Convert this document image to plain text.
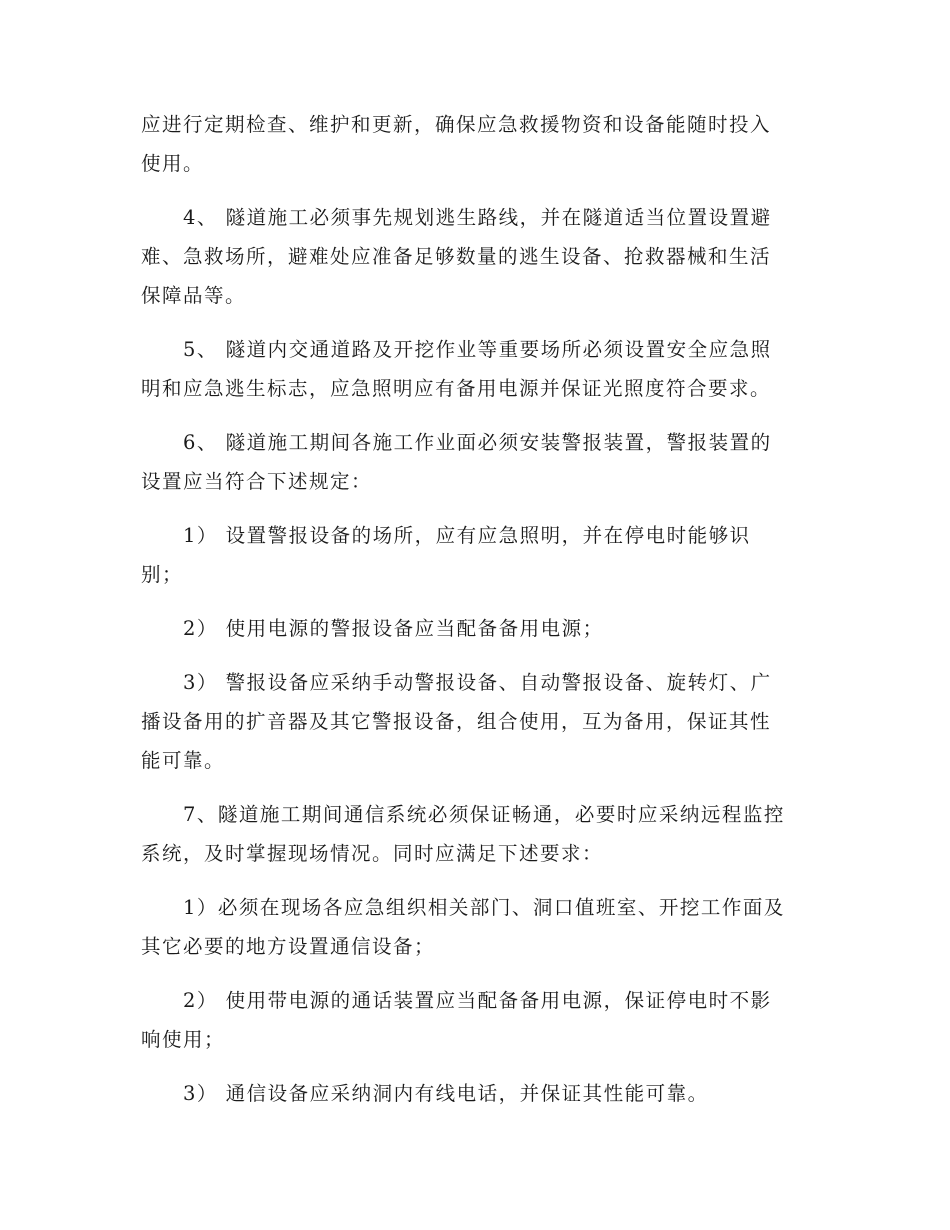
应进行定期检查、维护和更新，确保应急救援物资和设备能随时投入
使用。
4、 隧道施工必须事先规划逃生路线，并在隧道适当位置设置避
难、急救场所，避难处应准备足够数量的逃生设备、抢救器械和生活
保障品等。
5、 隧道内交通道路及开挖作业等重要场所必须设置安全应急照
明和应急逃生标志，应急照明应有备用电源并保证光照度符合要求。
6、 隧道施工期间各施工作业面必须安装警报装置，警报装置的
设置应当符合下述规定：
1） 设置警报设备的场所，应有应急照明，并在停电时能够识
别；
2） 使用电源的警报设备应当配备备用电源；
3） 警报设备应采纳手动警报设备、自动警报设备、旋转灯、广
播设备用的扩音器及其它警报设备，组合使用，互为备用，保证其性
能可靠。
7、隧道施工期间通信系统必须保证畅通，必要时应采纳远程监控
系统，及时掌握现场情况。同时应满足下述要求：
1）必须在现场各应急组织相关部门、洞口值班室、开挖工作面及
其它必要的地方设置通信设备；
2） 使用带电源的通话装置应当配备备用电源，保证停电时不影
响使用；
3） 通信设备应采纳洞内有线电话，并保证其性能可靠。
